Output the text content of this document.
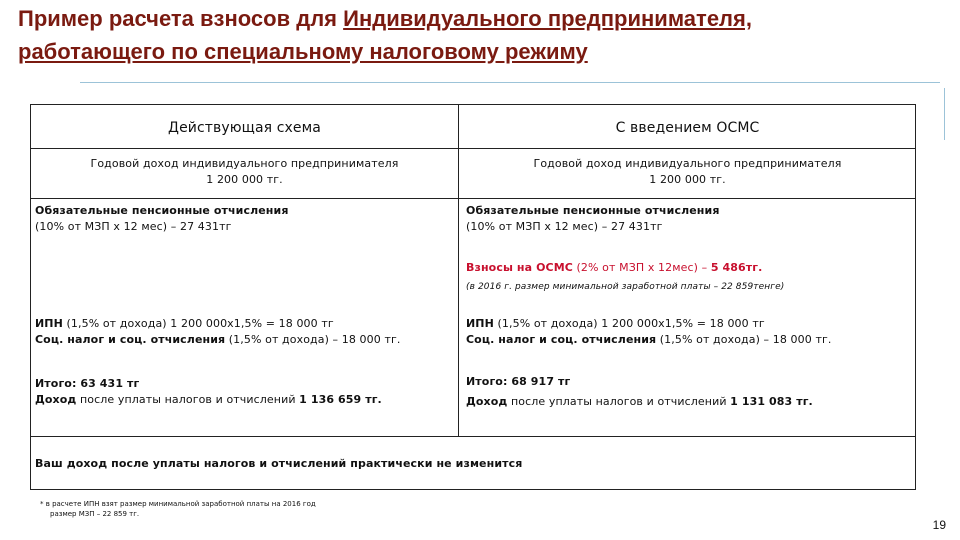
Пример расчета взносов для Индивидуального предпринимателя,
работающего по специальному налоговому режиму
Действующая схема
Годовой доход индивидуального предпринимателя
1 200 000 тг.
Обязательные пенсионные отчисления
(10% от МЗП х 12 мес) – 27 431тг
ИПН (1,5% от дохода) 1 200 000х1,5% = 18 000 тг
Соц. налог и соц. отчисления (1,5% от дохода) – 18 000 тг.
Итого: 63 431 тг
Доход после уплаты налогов и отчислений 1 136 659 тг.
С введением ОСМС
Годовой доход индивидуального предпринимателя
1 200 000 тг.
Обязательные пенсионные отчисления
(10% от МЗП х 12 мес) – 27 431тг
Взносы на ОСМС (2% от МЗП х 12мес) – 5 486тг.
(в 2016 г. размер минимальной заработной платы – 22 859тенге)
ИПН (1,5% от дохода) 1 200 000х1,5% = 18 000 тг
Соц. налог и соц. отчисления (1,5% от дохода) – 18 000 тг.
Итого: 68 917 тг
Доход после уплаты налогов и отчислений 1 131 083 тг.
Ваш доход после уплаты налогов и отчислений практически не изменится
* в расчете ИПН взят размер минимальной заработной платы на 2016 год
размер МЗП – 22 859 тг.
19
